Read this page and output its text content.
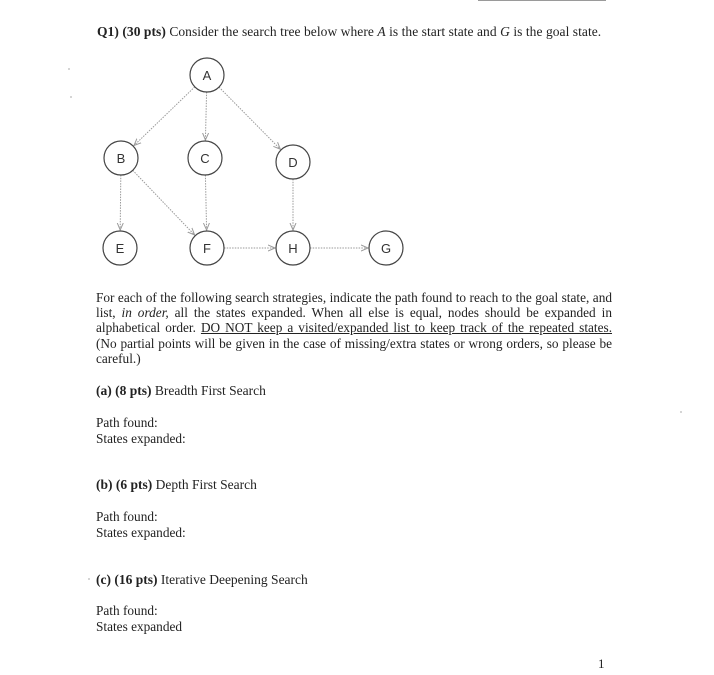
Q1) (30 pts) Consider the search tree below where A is the start state and G is the goal state.
A
B	C	D
E	F	H	G
For each of the following search strategies, indicate the path found to reach to the goal state, and list, in order, all the states expanded. When all else is equal, nodes should be expanded in alphabetical order. DO NOT keep a visited/expanded list to keep track of the repeated states. (No partial points will be given in the case of missing/extra states or wrong orders, so please be careful.)
(a) (8 pts) Breadth First Search
Path found:
States expanded:
(b) (6 pts) Depth First Search
Path found:
States expanded:
(c) (16 pts) Iterative Deepening Search
Path found:
States expanded
1
